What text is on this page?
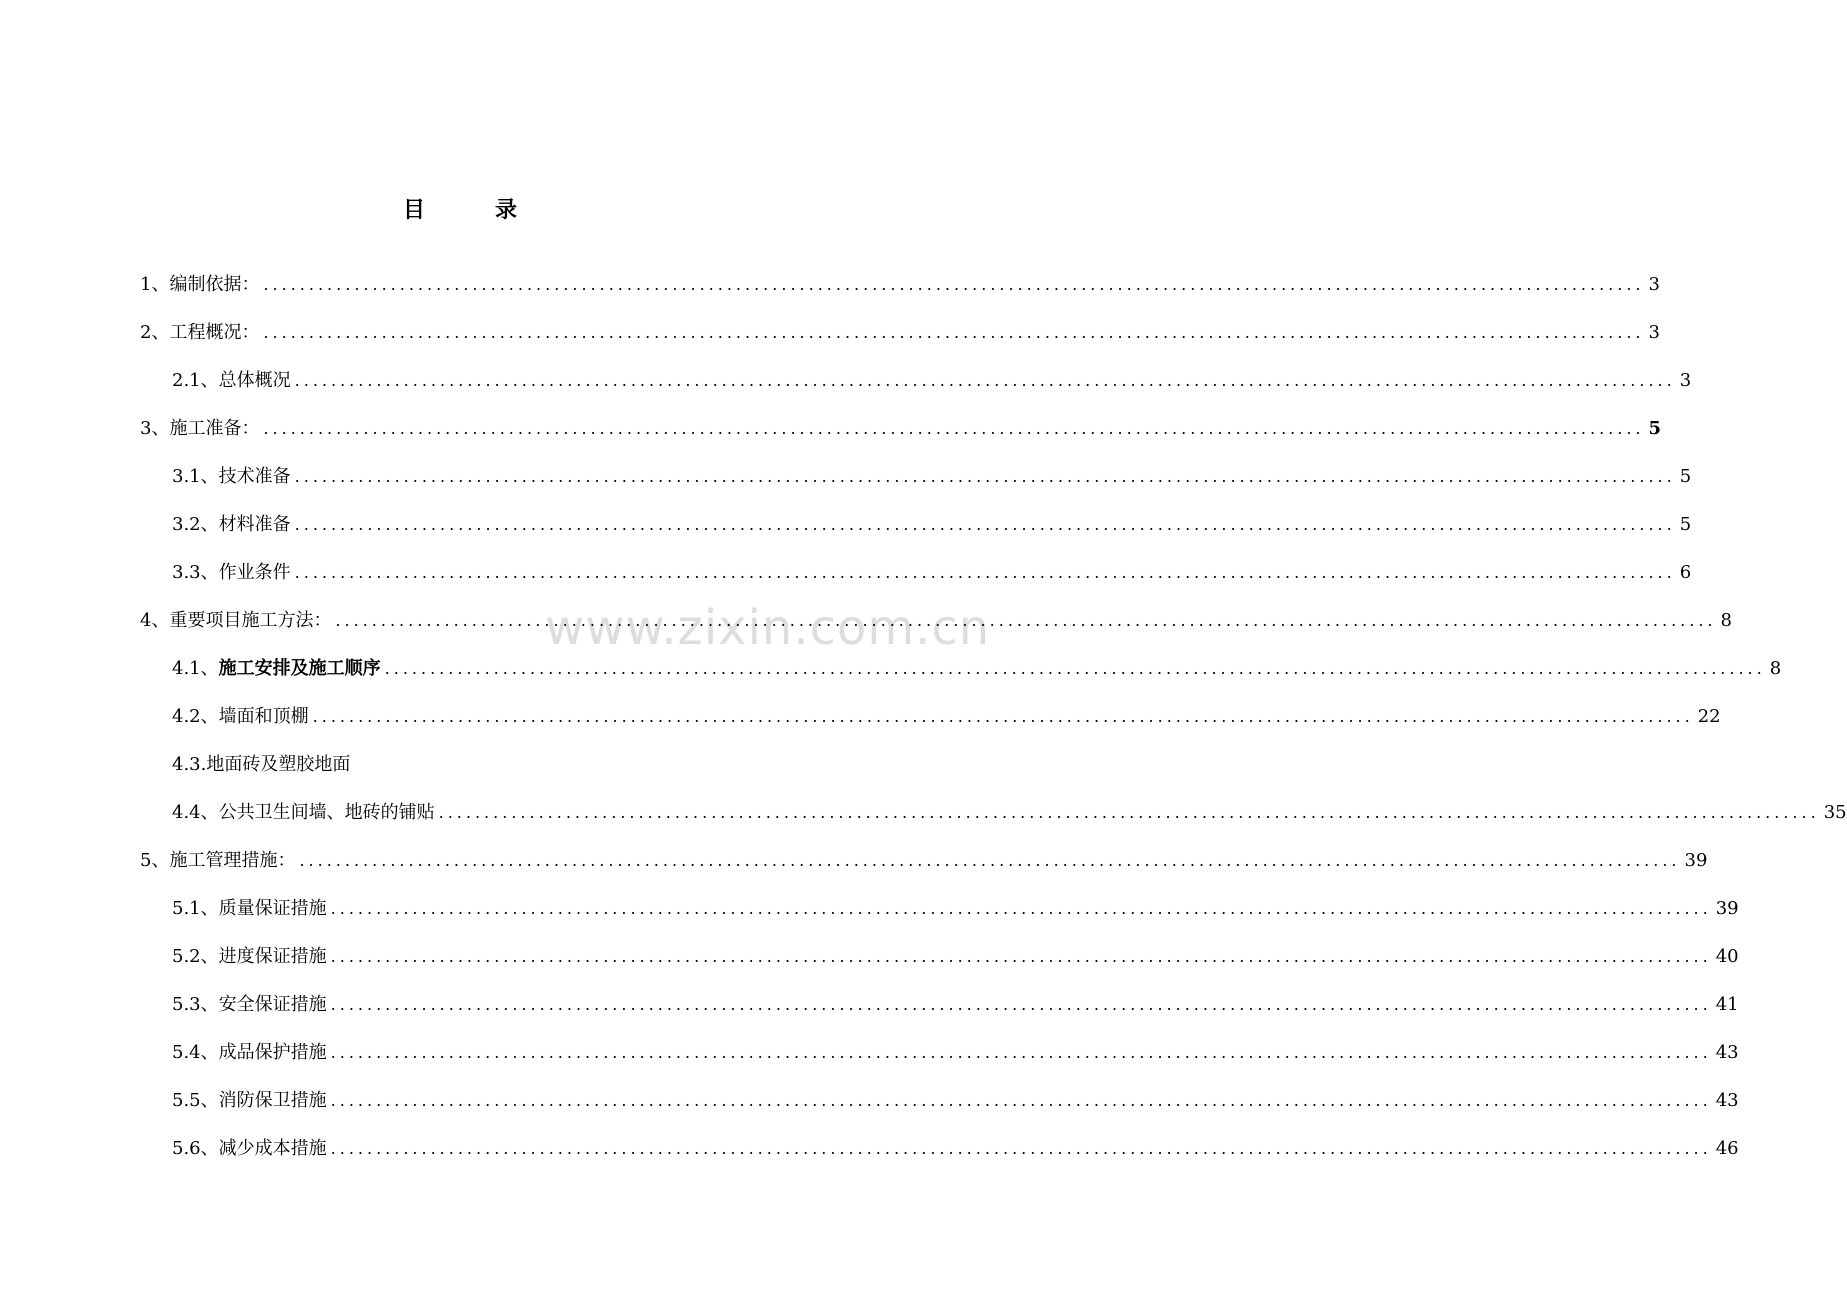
目	录
www.zixin.com.cn
1、编制依据： .....	3
2、工程概况： .....	3
2.1、总体概况 .....	3
3、施工准备： .....	5
3.1、技术准备 .....	5
3.2、材料准备 .....	5
3.3、作业条件 .....	6
4、重要项目施工方法： .....	8
4.1、 施工安排及施工顺序 .....	8
4.2、墙面和顶棚 .....	22
4.3.地面砖及塑胶地面
4.4、公共卫生间墙、地砖的铺贴 .....	35
5、施工管理措施： .....	39
5.1、质量保证措施 .....	39
5.2、进度保证措施 .....	40
5.3、安全保证措施 .....	41
5.4、成品保护措施 .....	43
5.5、消防保卫措施 .....	43
5.6、减少成本措施 .....	46
